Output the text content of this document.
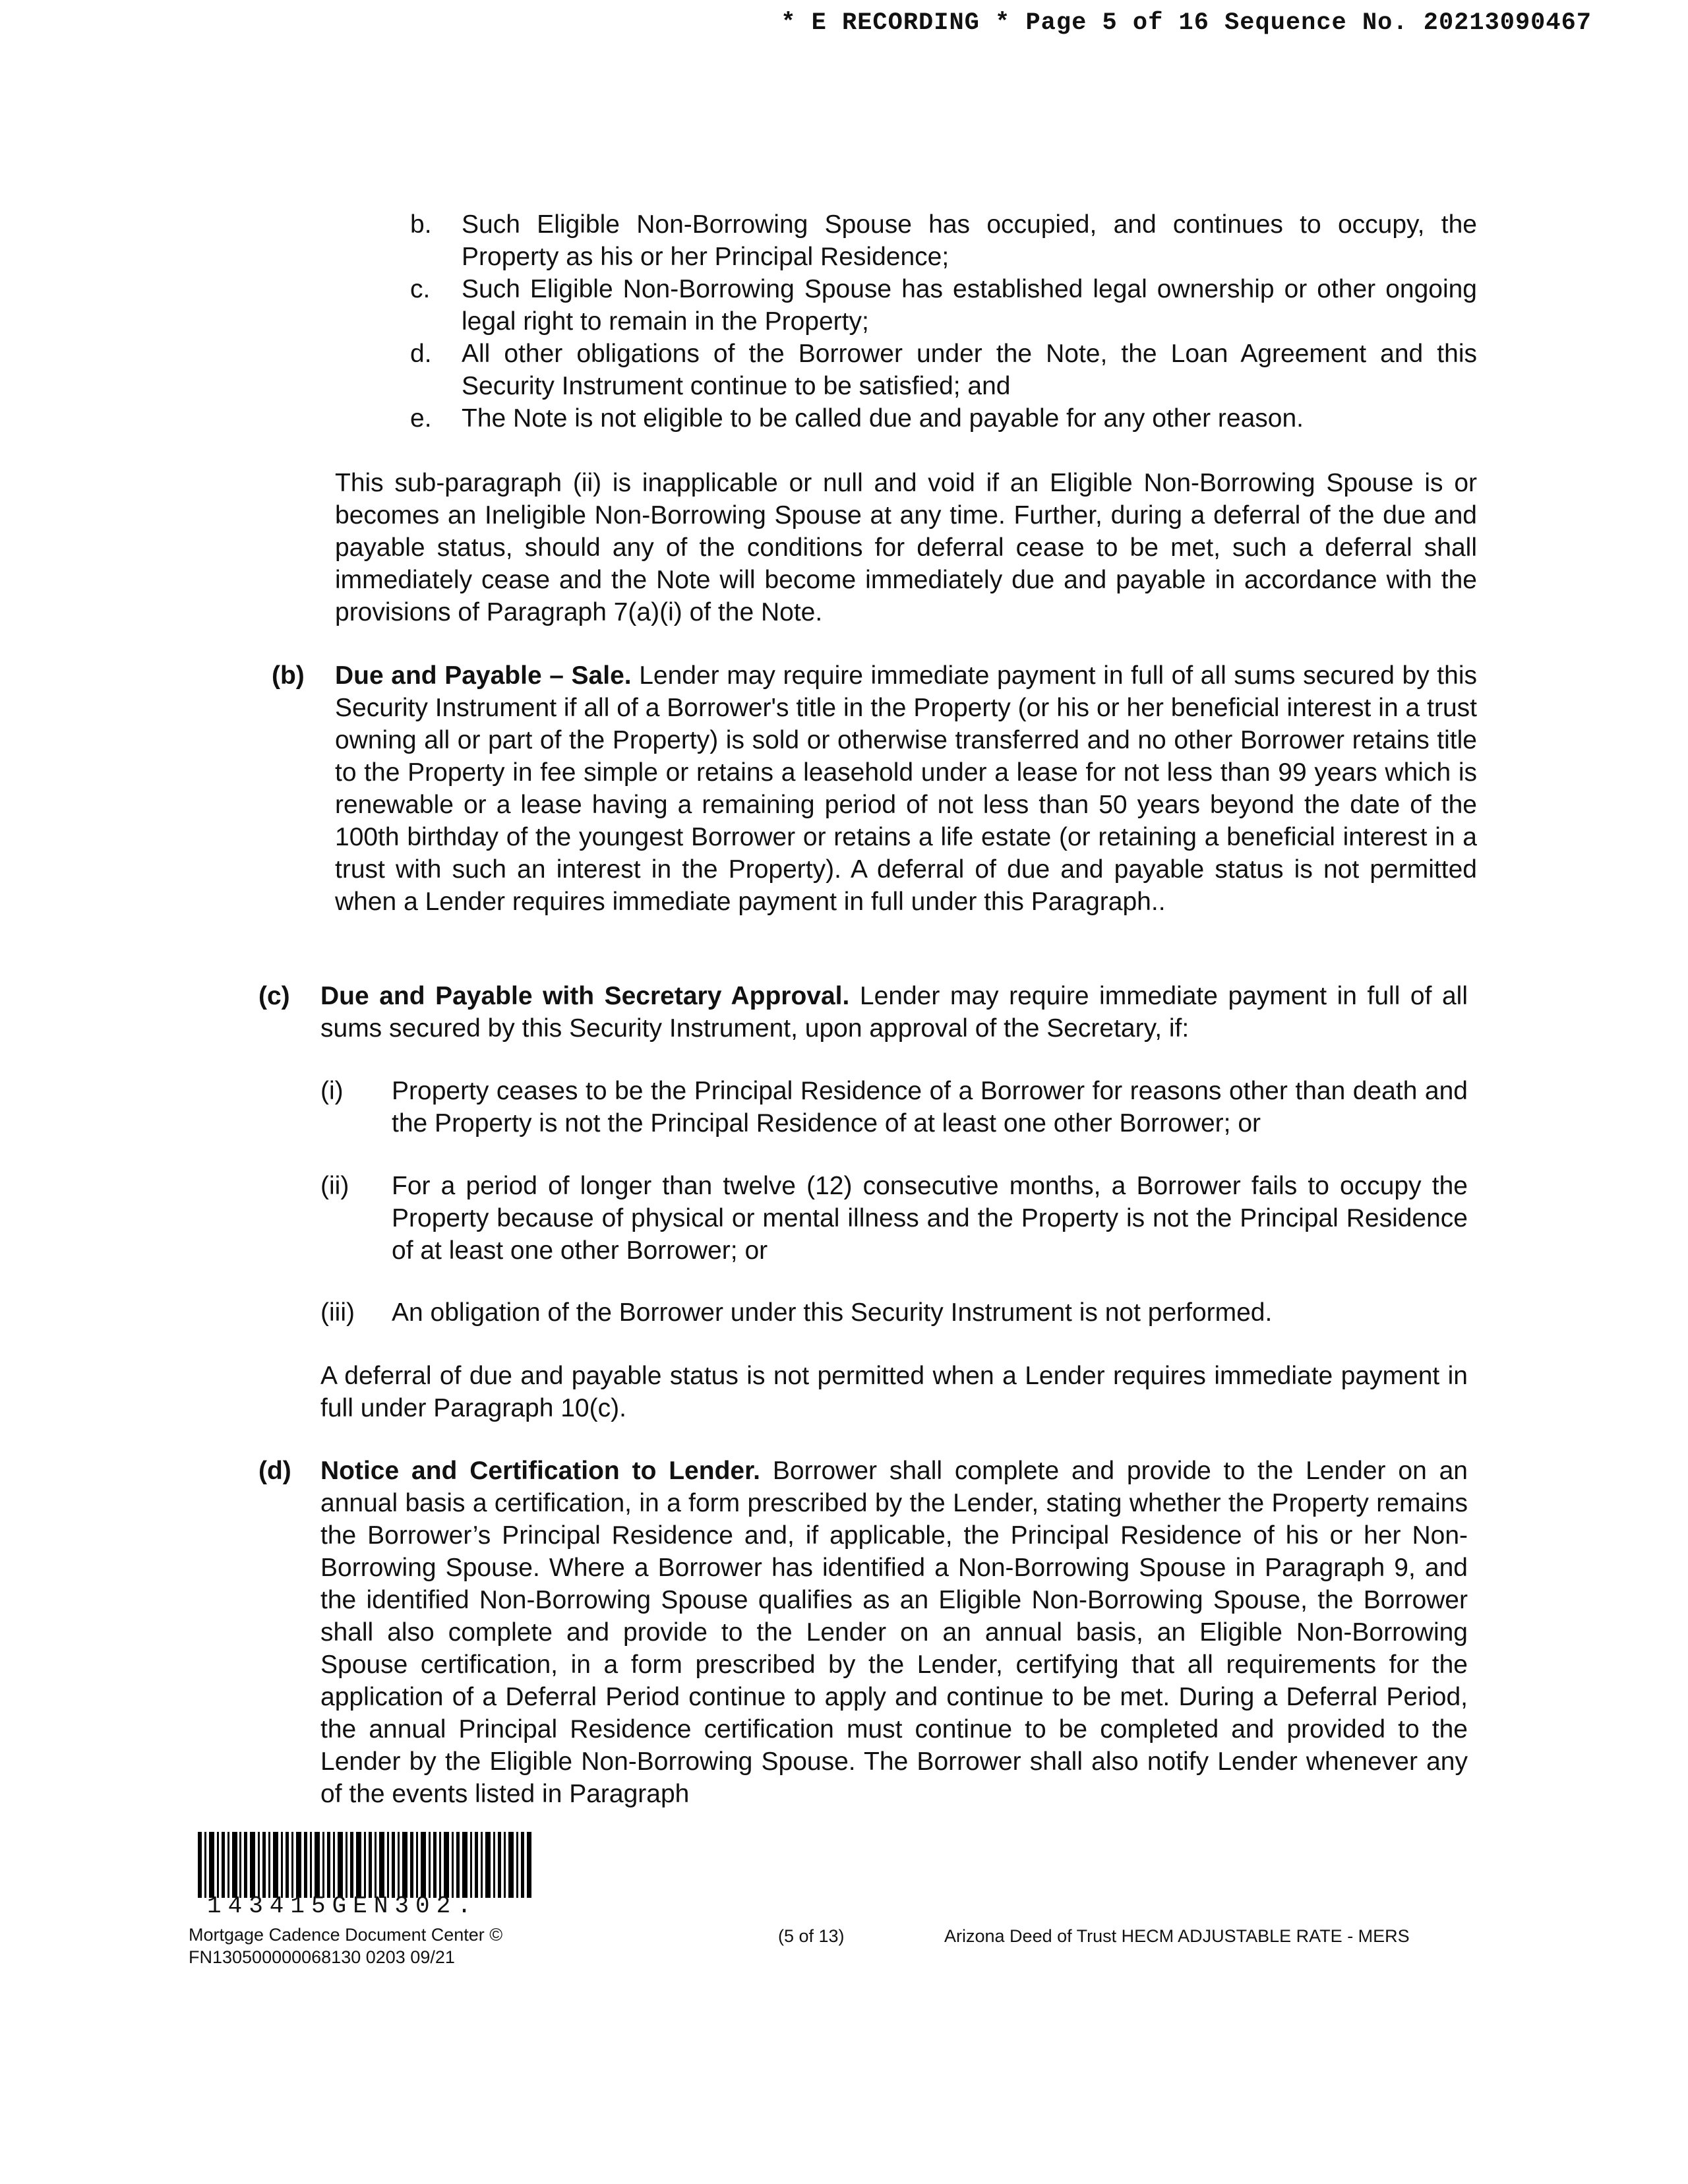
* E RECORDING * Page 5 of 16 Sequence No. 20213090467
b. Such Eligible Non-Borrowing Spouse has occupied, and continues to occupy, the Property as his or her Principal Residence;
c. Such Eligible Non-Borrowing Spouse has established legal ownership or other ongoing legal right to remain in the Property;
d. All other obligations of the Borrower under the Note, the Loan Agreement and this Security Instrument continue to be satisfied; and
e. The Note is not eligible to be called due and payable for any other reason.
This sub-paragraph (ii) is inapplicable or null and void if an Eligible Non-Borrowing Spouse is or becomes an Ineligible Non-Borrowing Spouse at any time. Further, during a deferral of the due and payable status, should any of the conditions for deferral cease to be met, such a deferral shall immediately cease and the Note will become immediately due and payable in accordance with the provisions of Paragraph 7(a)(i) of the Note.
(b) Due and Payable – Sale. Lender may require immediate payment in full of all sums secured by this Security Instrument if all of a Borrower's title in the Property (or his or her beneficial interest in a trust owning all or part of the Property) is sold or otherwise transferred and no other Borrower retains title to the Property in fee simple or retains a leasehold under a lease for not less than 99 years which is renewable or a lease having a remaining period of not less than 50 years beyond the date of the 100th birthday of the youngest Borrower or retains a life estate (or retaining a beneficial interest in a trust with such an interest in the Property). A deferral of due and payable status is not permitted when a Lender requires immediate payment in full under this Paragraph..
(c) Due and Payable with Secretary Approval. Lender may require immediate payment in full of all sums secured by this Security Instrument, upon approval of the Secretary, if:
(i) Property ceases to be the Principal Residence of a Borrower for reasons other than death and the Property is not the Principal Residence of at least one other Borrower; or
(ii) For a period of longer than twelve (12) consecutive months, a Borrower fails to occupy the Property because of physical or mental illness and the Property is not the Principal Residence of at least one other Borrower; or
(iii) An obligation of the Borrower under this Security Instrument is not performed.
A deferral of due and payable status is not permitted when a Lender requires immediate payment in full under Paragraph 10(c).
(d) Notice and Certification to Lender. Borrower shall complete and provide to the Lender on an annual basis a certification, in a form prescribed by the Lender, stating whether the Property remains the Borrower’s Principal Residence and, if applicable, the Principal Residence of his or her Non-Borrowing Spouse. Where a Borrower has identified a Non-Borrowing Spouse in Paragraph 9, and the identified Non-Borrowing Spouse qualifies as an Eligible Non-Borrowing Spouse, the Borrower shall also complete and provide to the Lender on an annual basis, an Eligible Non-Borrowing Spouse certification, in a form prescribed by the Lender, certifying that all requirements for the application of a Deferral Period continue to apply and continue to be met. During a Deferral Period, the annual Principal Residence certification must continue to be completed and provided to the Lender by the Eligible Non-Borrowing Spouse. The Borrower shall also notify Lender whenever any of the events listed in Paragraph
143415GEN302.
Mortgage Cadence Document Center ©
FN130500000068130 0203 09/21
(5 of 13)	Arizona Deed of Trust HECM ADJUSTABLE RATE - MERS
